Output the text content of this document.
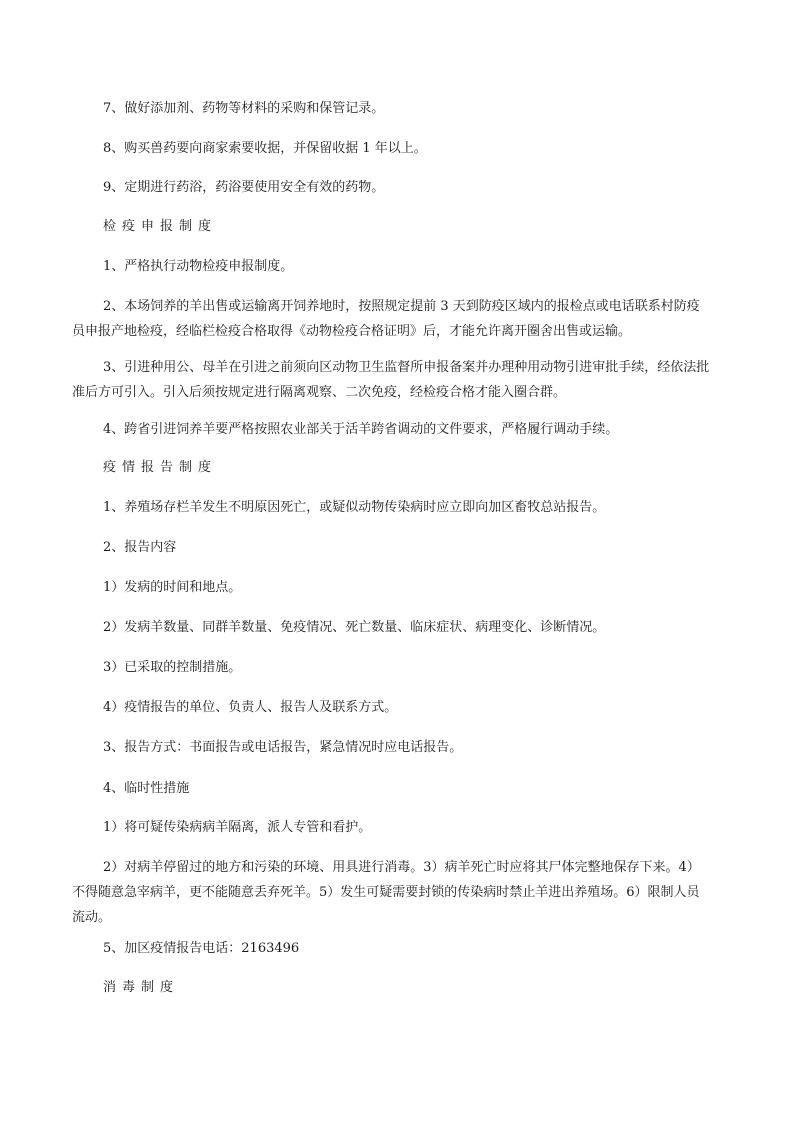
7、做好添加剂、药物等材料的采购和保管记录。

8、购买兽药要向商家索要收据，并保留收据 1 年以上。

9、定期进行药浴，药浴要使用安全有效的药物。

检疫申报制度

1、严格执行动物检疫申报制度。

2、本场饲养的羊出售或运输离开饲养地时，按照规定提前 3 天到防疫区域内的报检点或电话联系村防疫员申报产地检疫，经临栏检疫合格取得《动物检疫合格证明》后，才能允许离开圈舍出售或运输。

3、引进种用公、母羊在引进之前须向区动物卫生监督所申报备案并办理种用动物引进审批手续，经依法批准后方可引入。引入后须按规定进行隔离观察、二次免疫，经检疫合格才能入圈合群。

4、跨省引进饲养羊要严格按照农业部关于活羊跨省调动的文件要求，严格履行调动手续。

疫情报告制度

1、养殖场存栏羊发生不明原因死亡，或疑似动物传染病时应立即向加区畜牧总站报告。

2、报告内容

1）发病的时间和地点。

2）发病羊数量、同群羊数量、免疫情况、死亡数量、临床症状、病理变化、诊断情况。

3）已采取的控制措施。

4）疫情报告的单位、负责人、报告人及联系方式。

3、报告方式：书面报告或电话报告，紧急情况时应电话报告。

4、临时性措施

1）将可疑传染病病羊隔离，派人专管和看护。

2）对病羊停留过的地方和污染的环境、用具进行消毒。3）病羊死亡时应将其尸体完整地保存下来。4）不得随意急宰病羊，更不能随意丢弃死羊。5）发生可疑需要封锁的传染病时禁止羊进出养殖场。6）限制人员流动。

5、加区疫情报告电话：2163496

消毒制度
